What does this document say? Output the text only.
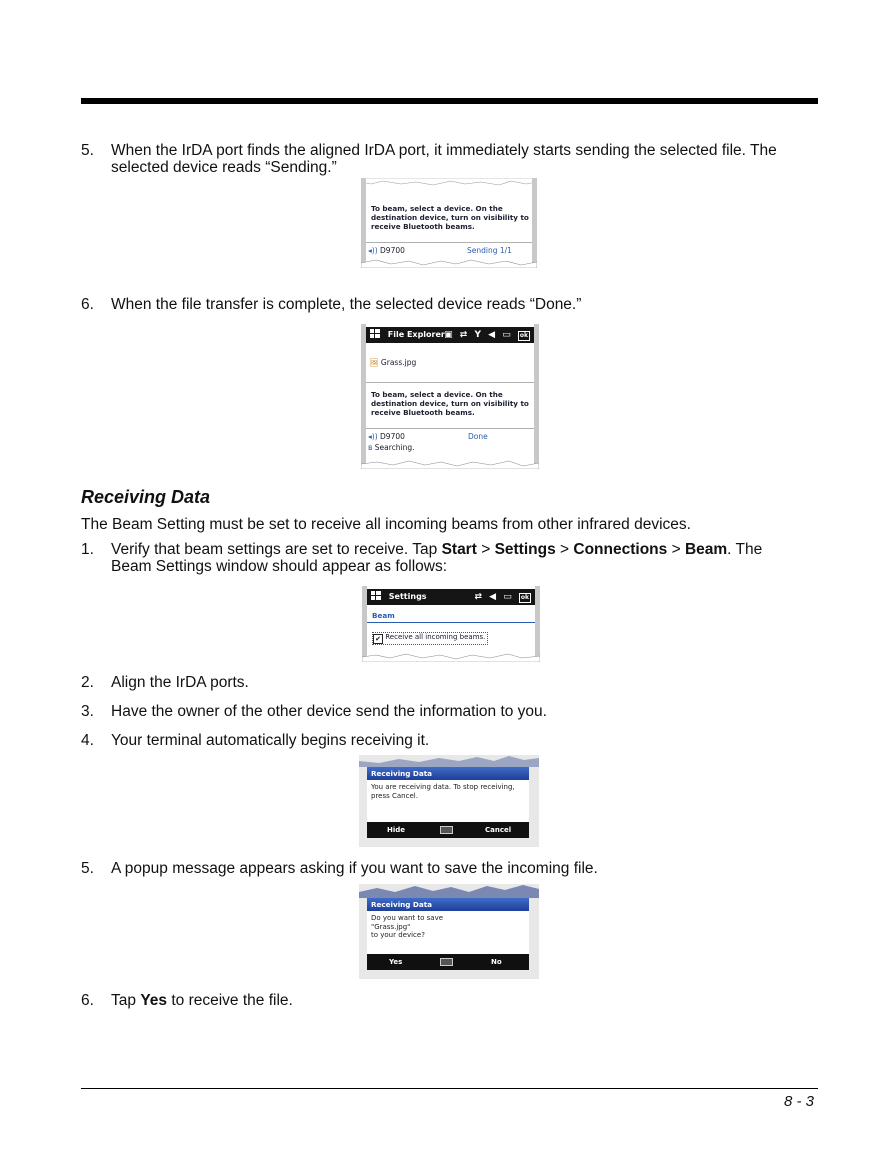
5.	When the IrDA port finds the aligned IrDA port, it immediately starts sending the selected file. The
selected device reads “Sending.”
To beam, select a device. On the
destination device, turn on visibility to
receive Bluetooth beams.
◂)) D9700	Sending 1/1
6.	When the file transfer is complete, the selected device reads “Done.”
File Explorer ▣ ⇄ Y ◀ ▭ ok
🖼 Grass.jpg
To beam, select a device. On the
destination device, turn on visibility to
receive Bluetooth beams.
◂)) D9700	Done
ʙ Searching.
Receiving Data
The Beam Setting must be set to receive all incoming beams from other infrared devices.
1.	Verify that beam settings are set to receive. Tap Start > Settings > Connections > Beam. The
Beam Settings window should appear as follows:
Settings	⇄ ◀ ▭ ok
Beam
✔ Receive all incoming beams.
2.	Align the IrDA ports.
3.	Have the owner of the other device send the information to you.
4.	Your terminal automatically begins receiving it.
Receiving Data
You are receiving data. To stop receiving,
press Cancel.
Hide	Cancel
5.	A popup message appears asking if you want to save the incoming file.
Receiving Data
Do you want to save
"Grass.jpg"
to your device?
Yes	No
6.	Tap Yes to receive the file.
8 - 3
